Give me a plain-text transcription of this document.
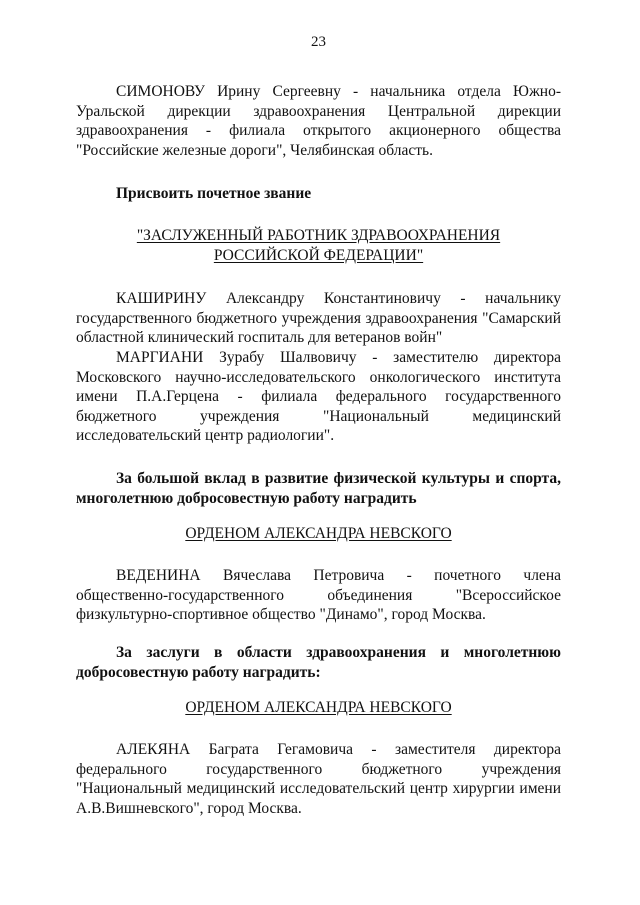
23
СИМОНОВУ Ирину Сергеевну - начальника отдела Южно-Уральской дирекции здравоохранения Центральной дирекции здравоохранения - филиала открытого акционерного общества "Российские железные дороги", Челябинская область.
Присвоить почетное звание
"ЗАСЛУЖЕННЫЙ РАБОТНИК ЗДРАВООХРАНЕНИЯ
РОССИЙСКОЙ ФЕДЕРАЦИИ"
КАШИРИНУ Александру Константиновичу - начальнику государственного бюджетного учреждения здравоохранения "Самарский областной клинический госпиталь для ветеранов войн"
МАРГИАНИ Зурабу Шалвовичу - заместителю директора Московского научно-исследовательского онкологического института имени П.А.Герцена - филиала федерального государственного бюджетного учреждения "Национальный медицинский исследовательский центр радиологии".
За большой вклад в развитие физической культуры и спорта, многолетнюю добросовестную работу наградить
ОРДЕНОМ АЛЕКСАНДРА НЕВСКОГО
ВЕДЕНИНА Вячеслава Петровича - почетного члена общественно-государственного объединения "Всероссийское физкультурно-спортивное общество "Динамо", город Москва.
За заслуги в области здравоохранения и многолетнюю добросовестную работу наградить:
ОРДЕНОМ АЛЕКСАНДРА НЕВСКОГО
АЛЕКЯНА Баграта Гегамовича - заместителя директора федерального государственного бюджетного учреждения "Национальный медицинский исследовательский центр хирургии имени А.В.Вишневского", город Москва.
